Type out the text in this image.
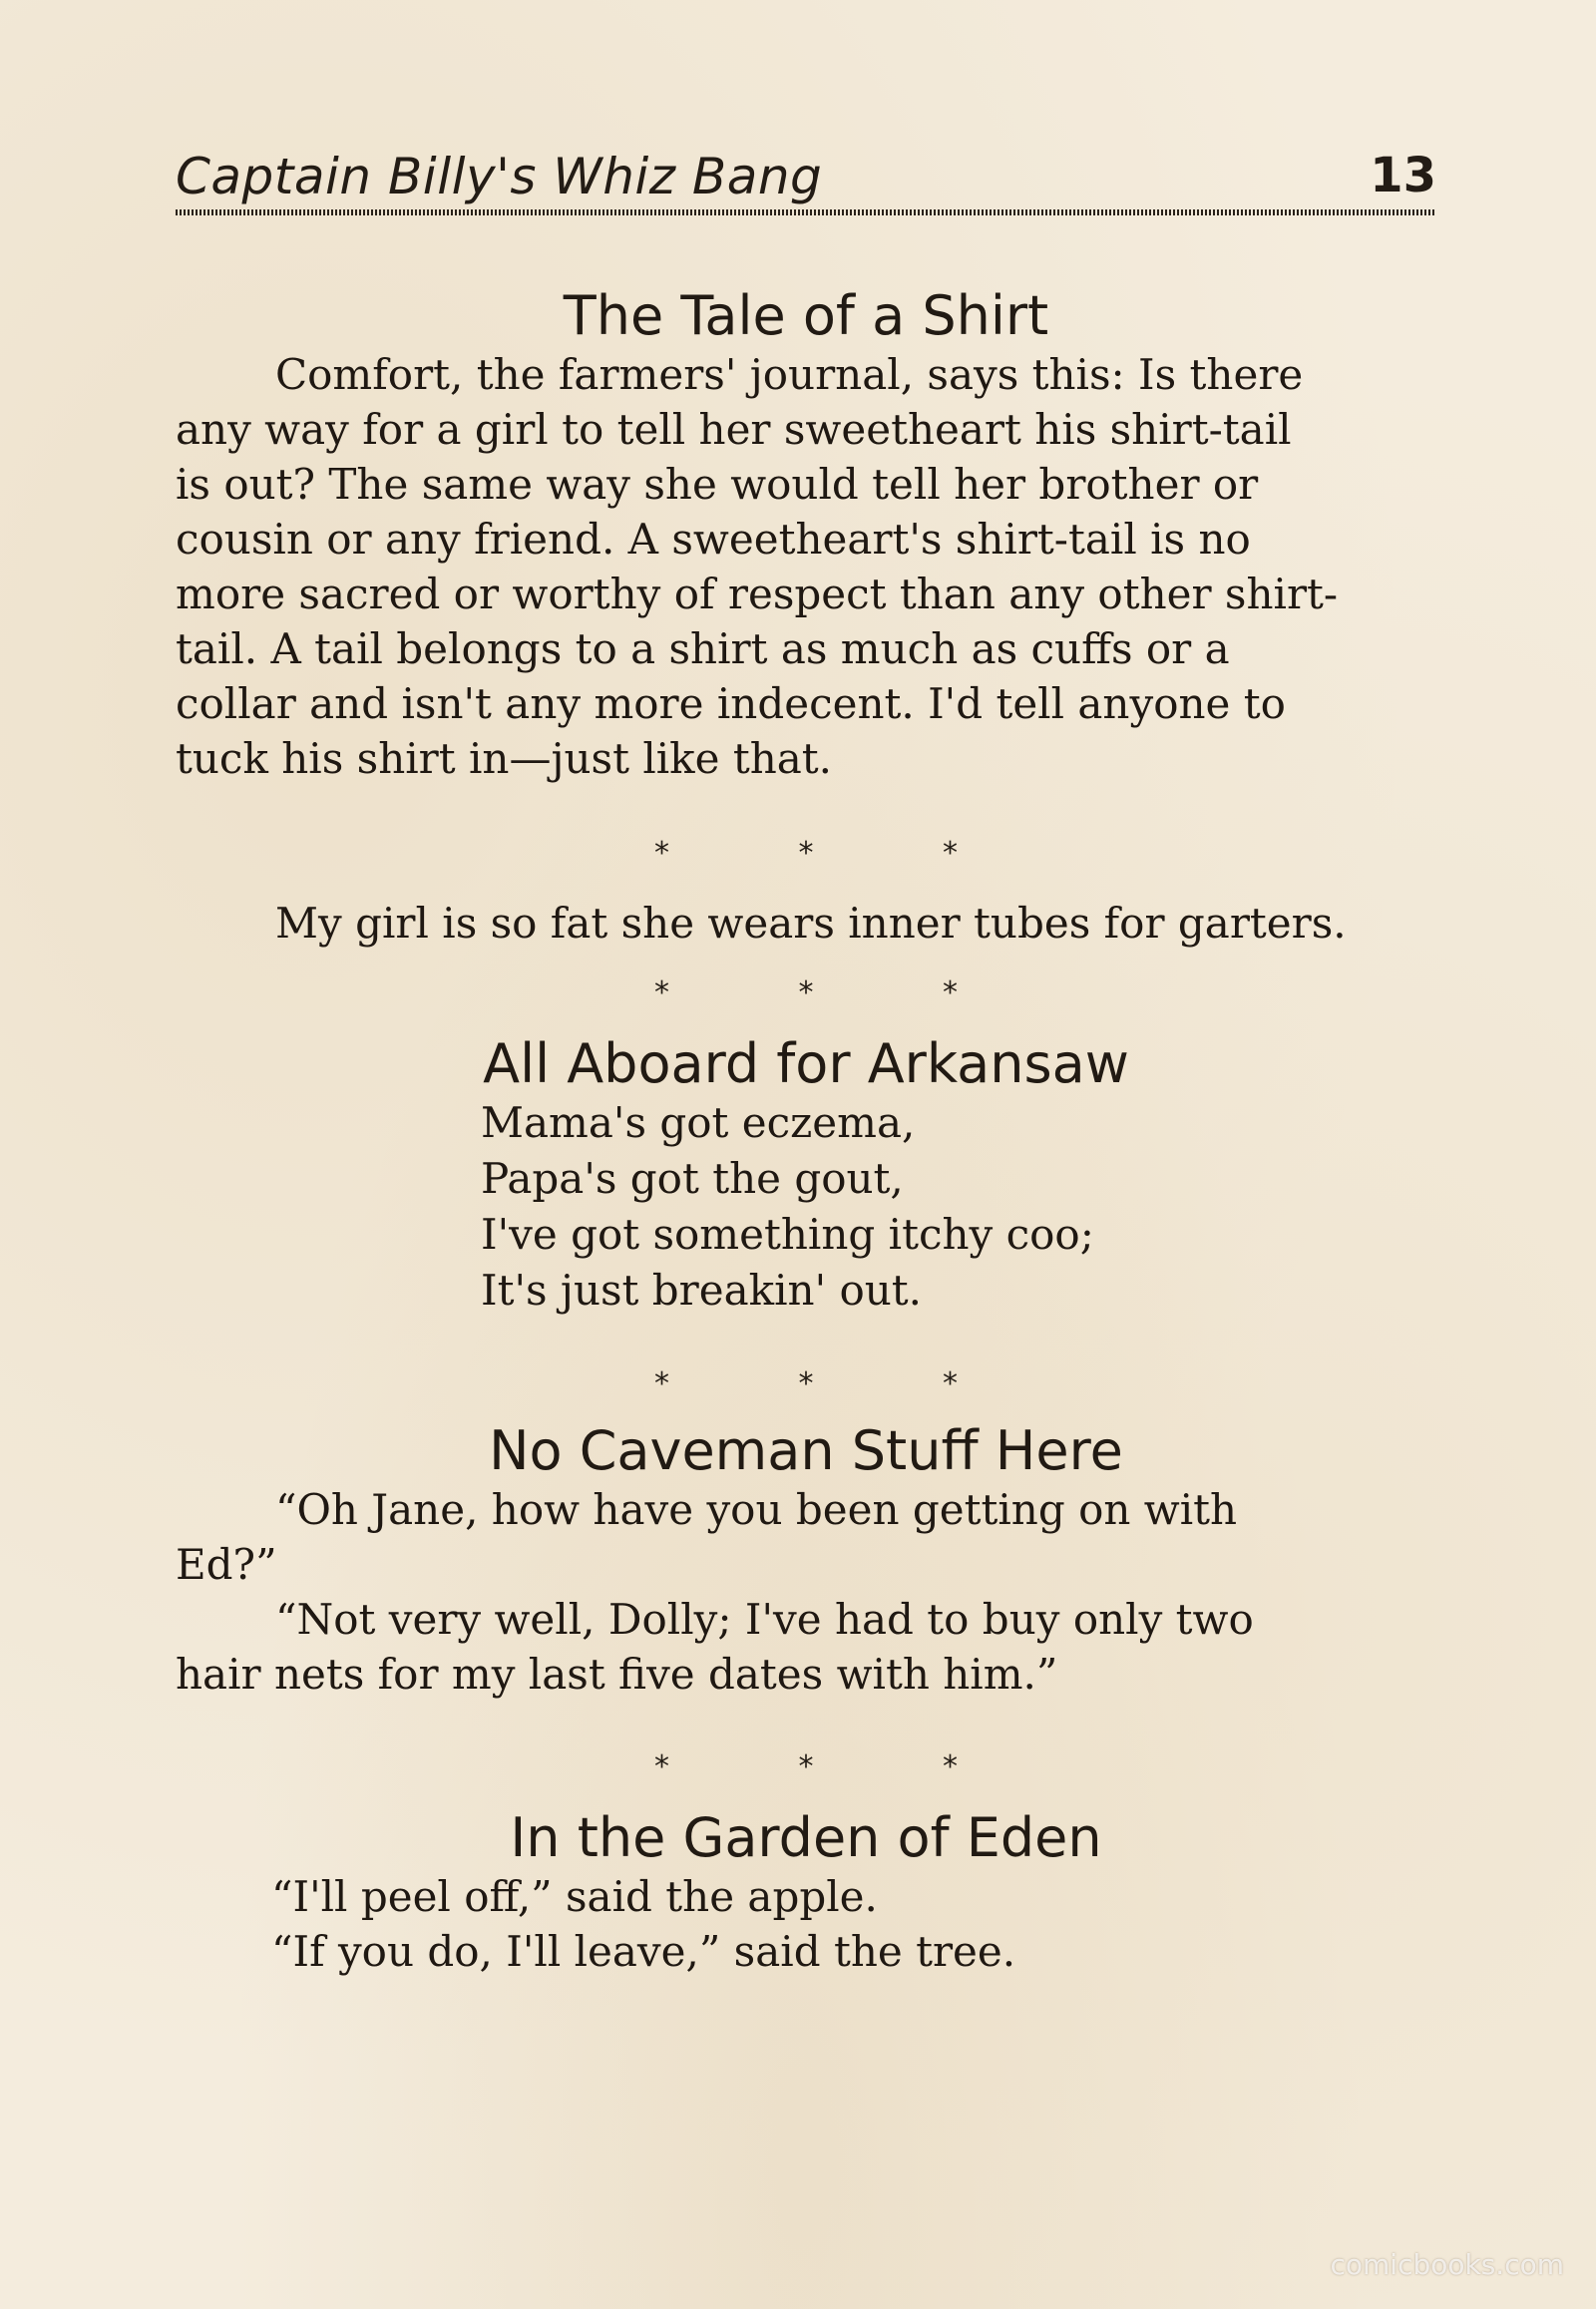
Captain Billy's Whiz Bang	13
The Tale of a Shirt
Comfort, the farmers' journal, says this: Is there
any way for a girl to tell her sweetheart his shirt-tail
is out? The same way she would tell her brother or
cousin or any friend. A sweetheart's shirt-tail is no
more sacred or worthy of respect than any other shirt-
tail. A tail belongs to a shirt as much as cuffs or a
collar and isn't any more indecent. I'd tell anyone to
tuck his shirt in—just like that.
* * *
My girl is so fat she wears inner tubes for garters.
* * *
All Aboard for Arkansaw
Mama's got eczema,
Papa's got the gout,
I've got something itchy coo;
It's just breakin' out.
* * *
No Caveman Stuff Here
“Oh Jane, how have you been getting on with
Ed?”
“Not very well, Dolly; I've had to buy only two
hair nets for my last five dates with him.”
* * *
In the Garden of Eden
“I'll peel off,” said the apple.
“If you do, I'll leave,” said the tree.
comicbooks.com
